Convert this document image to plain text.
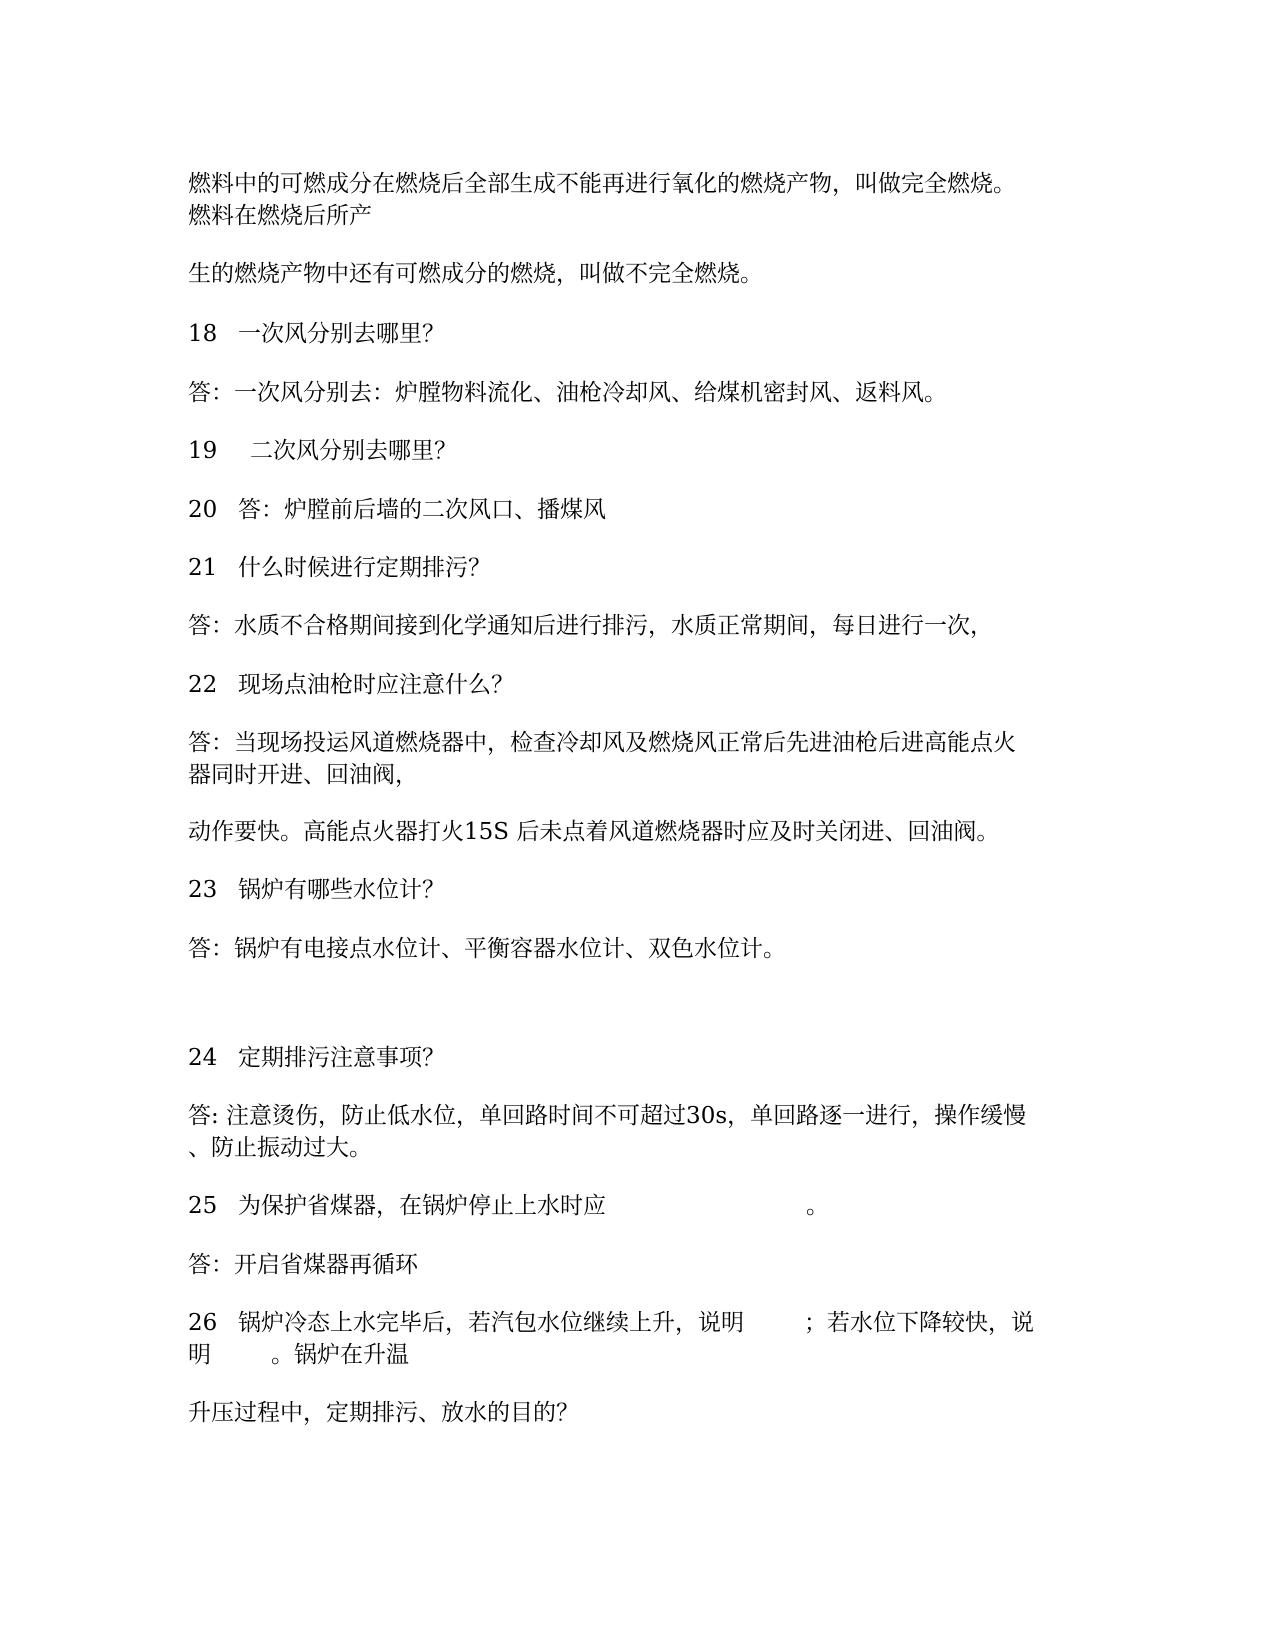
燃料中的可燃成分在燃烧后全部生成不能再进行氧化的燃烧产物，叫做完全燃烧。
燃料在燃烧后所产
生的燃烧产物中还有可燃成分的燃烧，叫做不完全燃烧。
18 一次风分别去哪里？
答：一次风分别去：炉膛物料流化、油枪冷却风、给煤机密封风、返料风。
19 二次风分别去哪里？
20 答：炉膛前后墙的二次风口、播煤风
21 什么时候进行定期排污？
答：水质不合格期间接到化学通知后进行排污，水质正常期间，每日进行一次，
22 现场点油枪时应注意什么？
答：当现场投运风道燃烧器中，检查冷却风及燃烧风正常后先进油枪后进高能点火
器同时开进、回油阀，
动作要快。高能点火器打火15S 后未点着风道燃烧器时应及时关闭进、回油阀。
23 锅炉有哪些水位计？
答：锅炉有电接点水位计、平衡容器水位计、双色水位计。
24 定期排污注意事项？
答: 注意烫伤，防止低水位，单回路时间不可超过30s，单回路逐一进行，操作缓慢
、防止振动过大。
25 为保护省煤器，在锅炉停止上水时应	。
答：开启省煤器再循环
26 锅炉冷态上水完毕后，若汽包水位继续上升，说明	；若水位下降较快，说
明	。锅炉在升温
升压过程中，定期排污、放水的目的？
